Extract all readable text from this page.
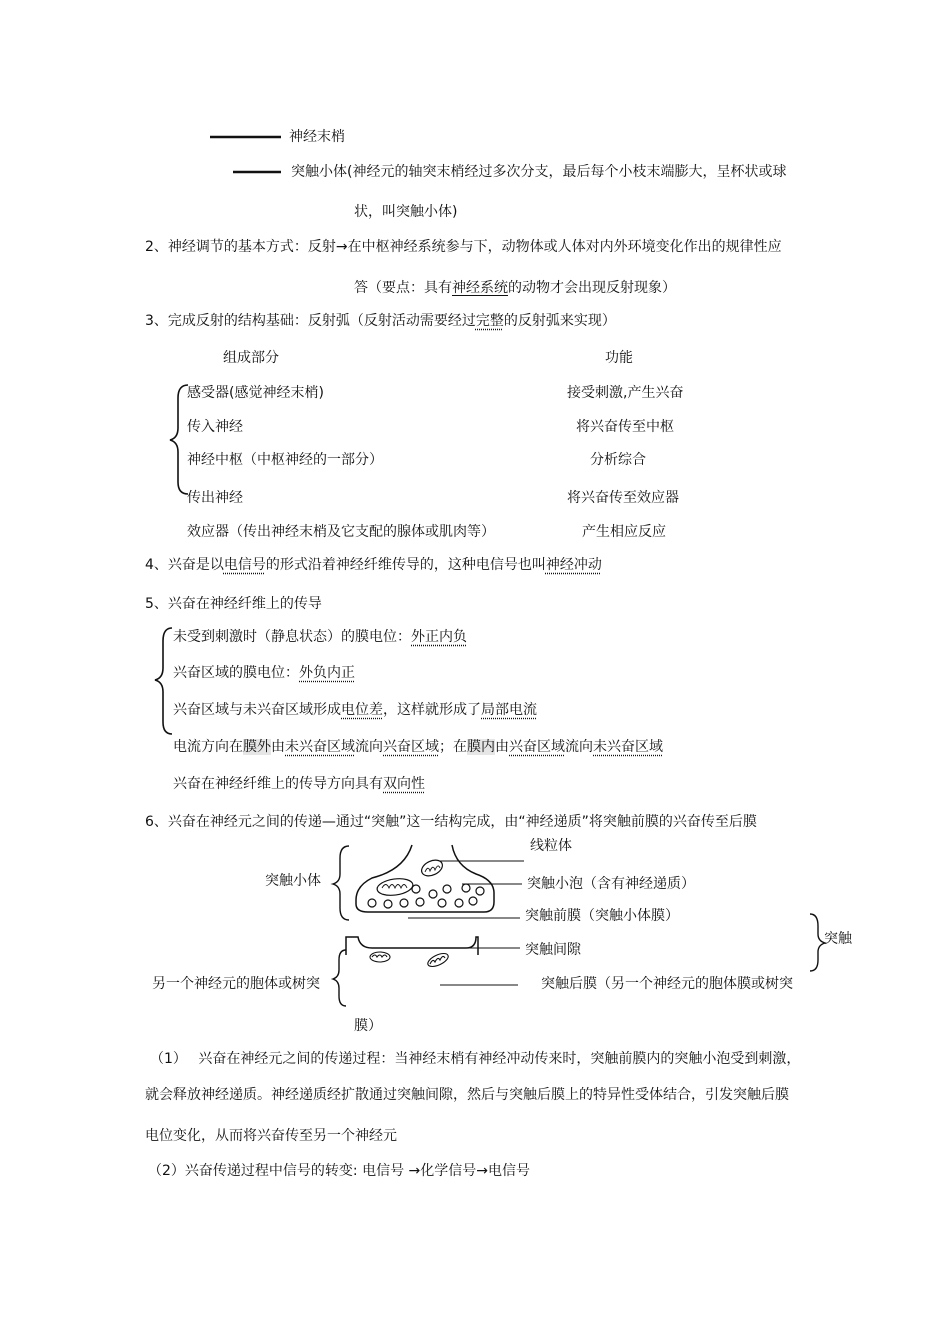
神经末梢
突触小体(神经元的轴突末梢经过多次分支，最后每个小枝末端膨大，呈杯状或球
状，叫突触小体)
2、神经调节的基本方式：反射→在中枢神经系统参与下，动物体或人体对内外环境变化作出的规律性应
答（要点：具有神经系统的动物才会出现反射现象）
3、完成反射的结构基础：反射弧（反射活动需要经过完整的反射弧来实现）
组成部分	功能
感受器(感觉神经末梢)	接受刺激,产生兴奋
传入神经	将兴奋传至中枢
神经中枢（中枢神经的一部分）	分析综合
传出神经	将兴奋传至效应器
效应器（传出神经末梢及它支配的腺体或肌肉等）	产生相应反应
4、兴奋是以电信号的形式沿着神经纤维传导的，这种电信号也叫神经冲动
5、兴奋在神经纤维上的传导
未受到刺激时（静息状态）的膜电位：外正内负
兴奋区域的膜电位：外负内正
兴奋区域与未兴奋区域形成电位差，这样就形成了局部电流
电流方向在膜外由未兴奋区域流向兴奋区域；在膜内由兴奋区域流向未兴奋区域
兴奋在神经纤维上的传导方向具有双向性
6、兴奋在神经元之间的传递—通过“突触”这一结构完成，由“神经递质”将突触前膜的兴奋传至后膜
线粒体
突触小体	突触小泡（含有神经递质）
突触前膜（突触小体膜）
突触
突触间隙
另一个神经元的胞体或树突	突触后膜（另一个神经元的胞体膜或树突
膜）
（1）　 兴奋在神经元之间的传递过程：当神经末梢有神经冲动传来时，突触前膜内的突触小泡受到刺激，
就会释放神经递质。神经递质经扩散通过突触间隙，然后与突触后膜上的特异性受体结合，引发突触后膜
电位变化，从而将兴奋传至另一个神经元
（2）兴奋传递过程中信号的转变: 电信号 →化学信号→电信号
